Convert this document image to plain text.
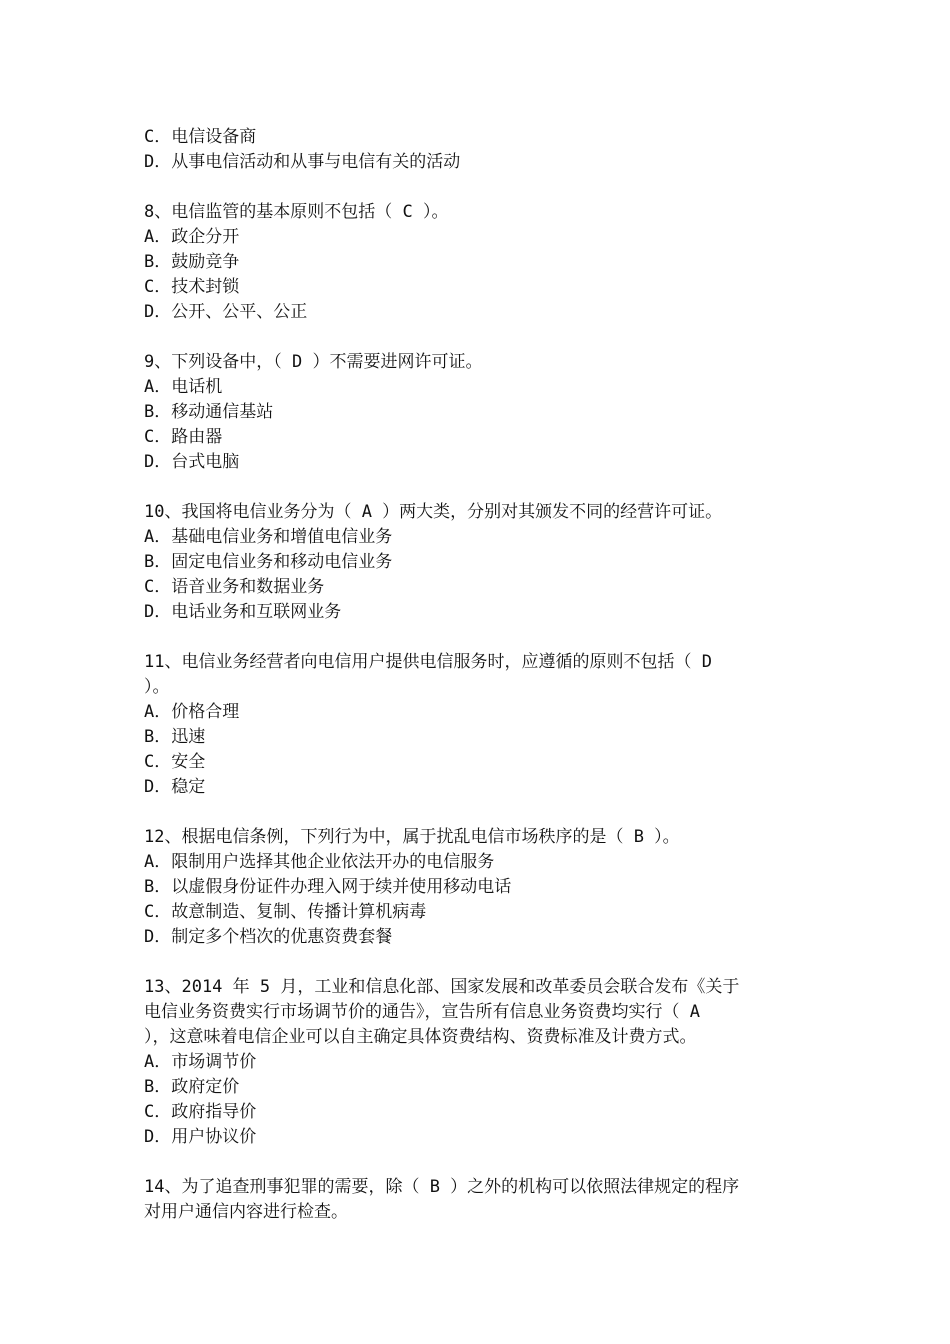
C．电信设备商

D．从事电信活动和从事与电信有关的活动

8、电信监管的基本原则不包括（ C ）。

A．政企分开

B．鼓励竞争

C．技术封锁

D．公开、公平、公正

9、下列设备中，（ D ）不需要进网许可证。

A．电话机

B．移动通信基站

C．路由器

D．台式电脑

10、我国将电信业务分为（ A ）两大类，分别对其颁发不同的经营许可证。

A．基础电信业务和增值电信业务

B．固定电信业务和移动电信业务

C．语音业务和数据业务

D．电话业务和互联网业务

11、电信业务经营者向电信用户提供电信服务时，应遵循的原则不包括（ D

）。

A．价格合理

B．迅速

C．安全

D．稳定

12、根据电信条例，下列行为中，属于扰乱电信市场秩序的是（ B ）。

A．限制用户选择其他企业依法开办的电信服务

B．以虚假身份证件办理入网于续并使用移动电话

C．故意制造、复制、传播计算机病毒

D．制定多个档次的优惠资费套餐

13、2014 年 5 月，工业和信息化部、国家发展和改革委员会联合发布《关于

电信业务资费实行市场调节价的通告》，宣告所有信息业务资费均实行（ A

），这意味着电信企业可以自主确定具体资费结构、资费标准及计费方式。

A．市场调节价

B．政府定价

C．政府指导价

D．用户协议价

14、为了追查刑事犯罪的需要，除（ B ）之外的机构可以依照法律规定的程序

对用户通信内容进行检查。
